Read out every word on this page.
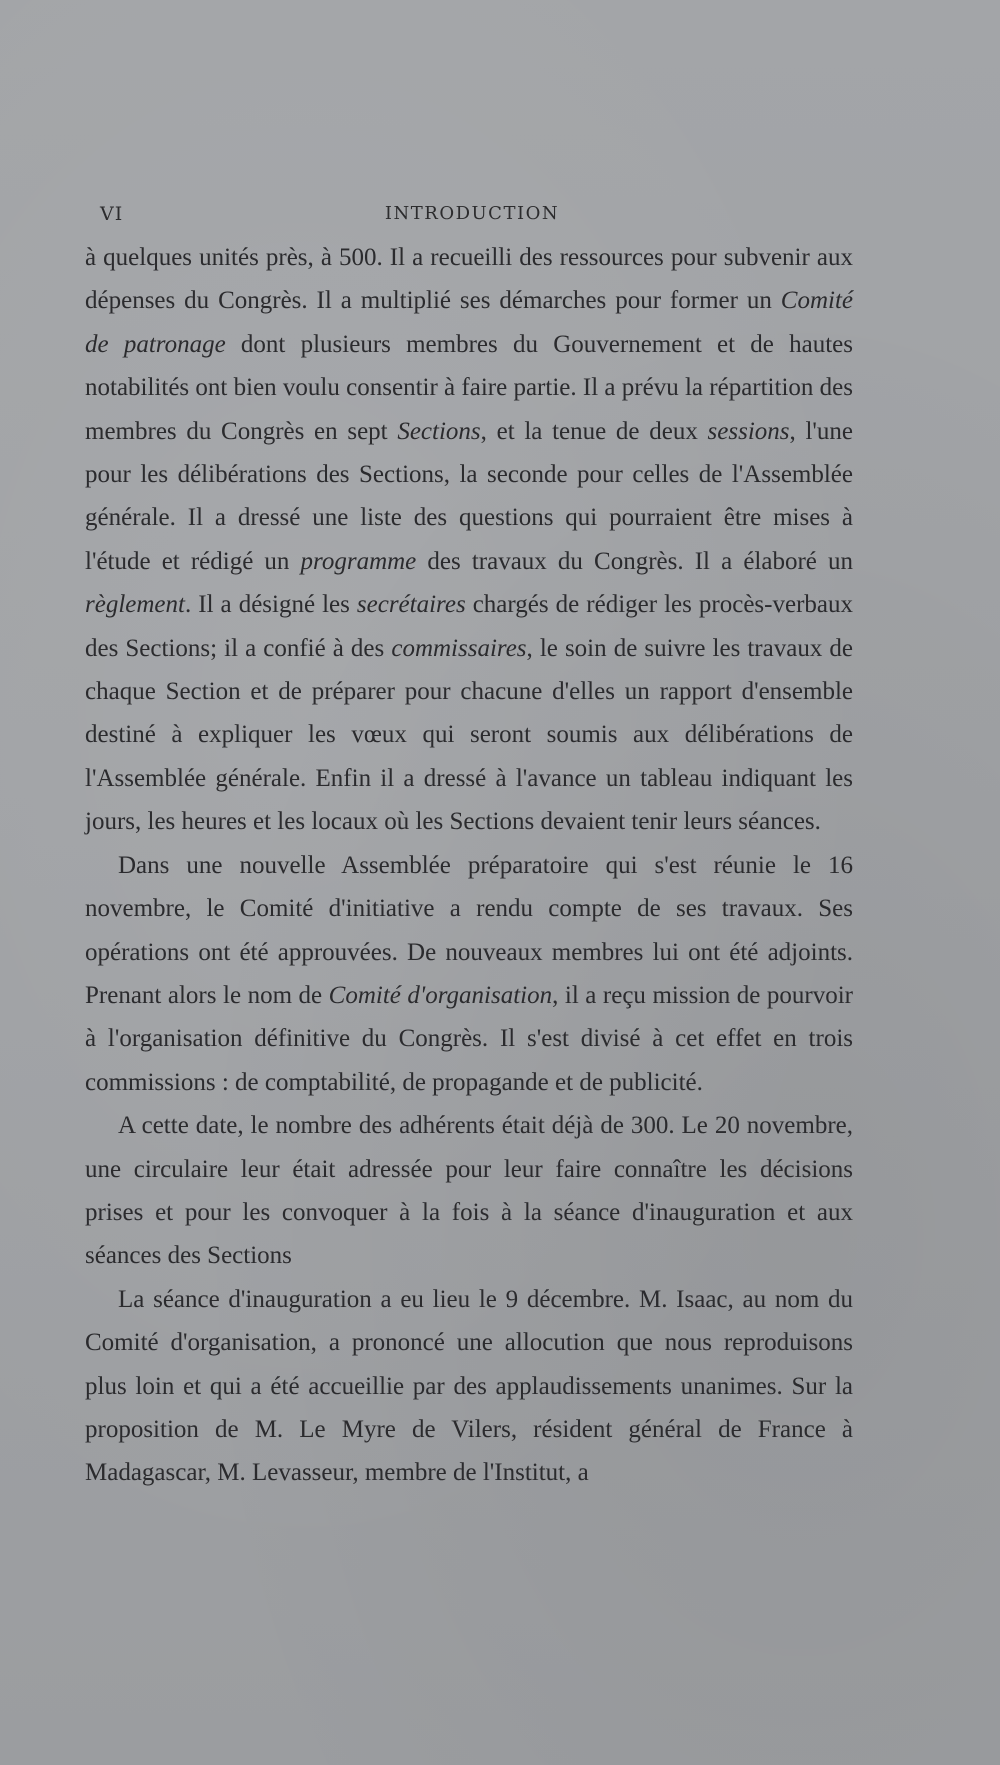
VI	INTRODUCTION

à quelques unités près, à 500. Il a recueilli des ressources pour subvenir aux dépenses du Congrès. Il a multiplié ses démarches pour former un Comité de patronage dont plusieurs membres du Gouvernement et de hautes notabilités ont bien voulu consentir à faire partie. Il a prévu la répartition des membres du Congrès en sept Sections, et la tenue de deux sessions, l'une pour les délibérations des Sections, la seconde pour celles de l'Assemblée générale. Il a dressé une liste des questions qui pourraient être mises à l'étude et rédigé un programme des travaux du Congrès. Il a élaboré un règlement. Il a désigné les secrétaires chargés de rédiger les procès-verbaux des Sections; il a confié à des commissaires, le soin de suivre les travaux de chaque Section et de préparer pour chacune d'elles un rapport d'ensemble destiné à expliquer les vœux qui seront soumis aux délibérations de l'Assemblée générale. Enfin il a dressé à l'avance un tableau indiquant les jours, les heures et les locaux où les Sections devaient tenir leurs séances.

Dans une nouvelle Assemblée préparatoire qui s'est réunie le 16 novembre, le Comité d'initiative a rendu compte de ses travaux. Ses opérations ont été approuvées. De nouveaux membres lui ont été adjoints. Prenant alors le nom de Comité d'organisation, il a reçu mission de pourvoir à l'organisation définitive du Congrès. Il s'est divisé à cet effet en trois commissions : de comptabilité, de propagande et de publicité.

A cette date, le nombre des adhérents était déjà de 300. Le 20 novembre, une circulaire leur était adressée pour leur faire connaître les décisions prises et pour les convoquer à la fois à la séance d'inauguration et aux séances des Sections

La séance d'inauguration a eu lieu le 9 décembre. M. Isaac, au nom du Comité d'organisation, a prononcé une allocution que nous reproduisons plus loin et qui a été accueillie par des applaudissements unanimes. Sur la proposition de M. Le Myre de Vilers, résident général de France à Madagascar, M. Levasseur, membre de l'Institut, a
